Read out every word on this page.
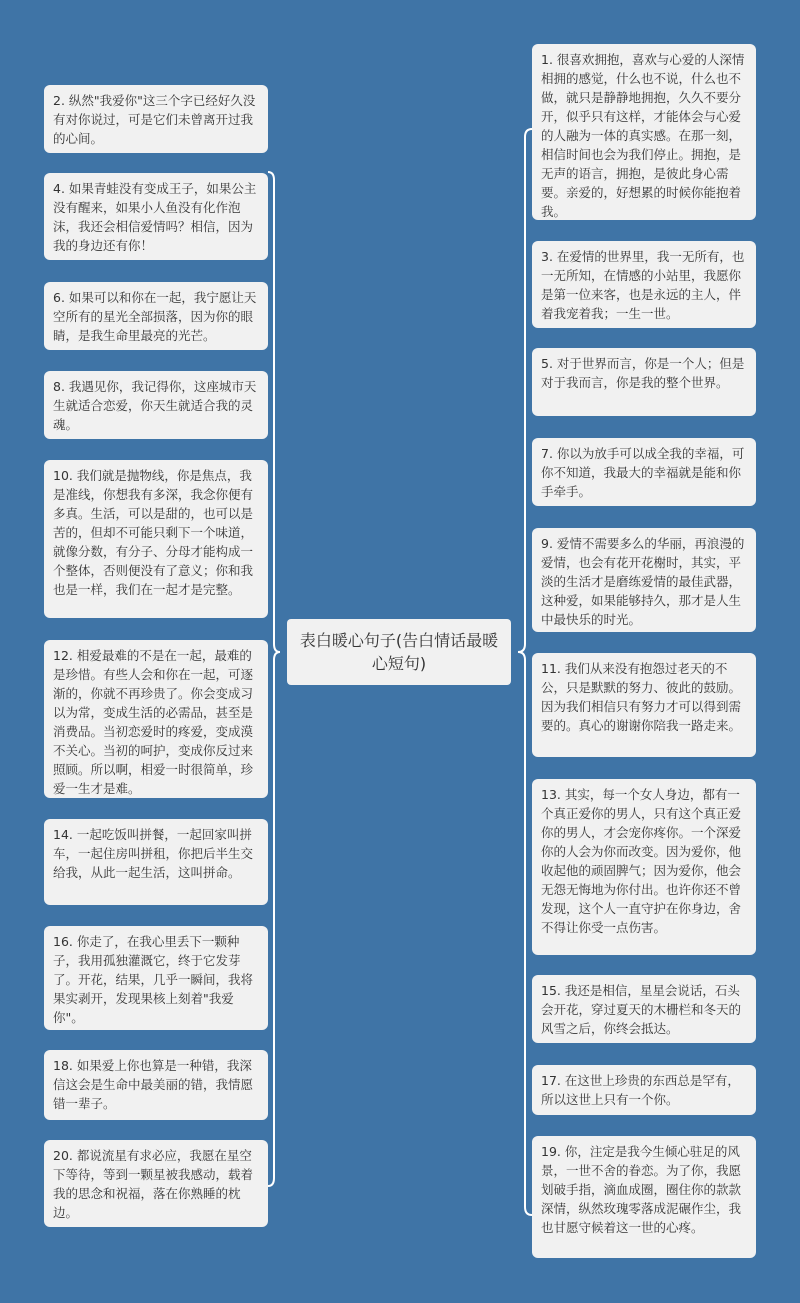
表白暖心句子(告白情话最暖心短句)
2. 纵然"我爱你"这三个字已经好久没有对你说过，可是它们未曾离开过我的心间。
4. 如果青蛙没有变成王子，如果公主没有醒来，如果小人鱼没有化作泡沫，我还会相信爱情吗？相信，因为我的身边还有你！
6. 如果可以和你在一起，我宁愿让天空所有的星光全部损落，因为你的眼睛，是我生命里最亮的光芒。
8. 我遇见你，我记得你，这座城市天生就适合恋爱，你天生就适合我的灵魂。
10. 我们就是抛物线，你是焦点，我是准线，你想我有多深，我念你便有多真。生活，可以是甜的，也可以是苦的，但却不可能只剩下一个味道，就像分数，有分子、分母才能构成一个整体，否则便没有了意义；你和我也是一样，我们在一起才是完整。
12. 相爱最难的不是在一起，最难的是珍惜。有些人会和你在一起，可逐渐的，你就不再珍贵了。你会变成习以为常，变成生活的必需品，甚至是消费品。当初恋爱时的疼爱，变成漠不关心。当初的呵护，变成你反过来照顾。所以啊，相爱一时很简单，珍爱一生才是难。
14. 一起吃饭叫拼餐，一起回家叫拼车，一起住房叫拼租，你把后半生交给我，从此一起生活，这叫拼命。
16. 你走了，在我心里丢下一颗种子，我用孤独灌溉它，终于它发芽了。开花，结果，几乎一瞬间，我将果实剥开，发现果核上刻着"我爱你"。
18. 如果爱上你也算是一种错，我深信这会是生命中最美丽的错，我情愿错一辈子。
20. 都说流星有求必应，我愿在星空下等待，等到一颗星被我感动，载着我的思念和祝福，落在你熟睡的枕边。
1. 很喜欢拥抱，喜欢与心爱的人深情相拥的感觉，什么也不说，什么也不做，就只是静静地拥抱，久久不要分开，似乎只有这样，才能体会与心爱的人融为一体的真实感。在那一刻，相信时间也会为我们停止。拥抱，是无声的语言，拥抱，是彼此身心需要。亲爱的，好想累的时候你能抱着我。
3. 在爱情的世界里，我一无所有，也一无所知，在情感的小站里，我愿你是第一位来客，也是永远的主人，伴着我宠着我；一生一世。
5. 对于世界而言，你是一个人；但是对于我而言，你是我的整个世界。
7. 你以为放手可以成全我的幸福，可你不知道，我最大的幸福就是能和你手牵手。
9. 爱情不需要多么的华丽，再浪漫的爱情，也会有花开花榭时，其实，平淡的生活才是磨练爱情的最佳武器，这种爱，如果能够持久，那才是人生中最快乐的时光。
11. 我们从来没有抱怨过老天的不公，只是默默的努力、彼此的鼓励。因为我们相信只有努力才可以得到需要的。真心的谢谢你陪我一路走来。
13. 其实，每一个女人身边，都有一个真正爱你的男人，只有这个真正爱你的男人，才会宠你疼你。一个深爱你的人会为你而改变。因为爱你，他收起他的顽固脾气；因为爱你，他会无怨无悔地为你付出。也许你还不曾发现，这个人一直守护在你身边，舍不得让你受一点伤害。
15. 我还是相信，星星会说话，石头会开花，穿过夏天的木栅栏和冬天的风雪之后，你终会抵达。
17. 在这世上珍贵的东西总是罕有，所以这世上只有一个你。
19. 你，注定是我今生倾心驻足的风景，一世不舍的眷恋。为了你，我愿划破手指，滴血成圈，圈住你的款款深情，纵然玫瑰零落成泥碾作尘，我也甘愿守候着这一世的心疼。
